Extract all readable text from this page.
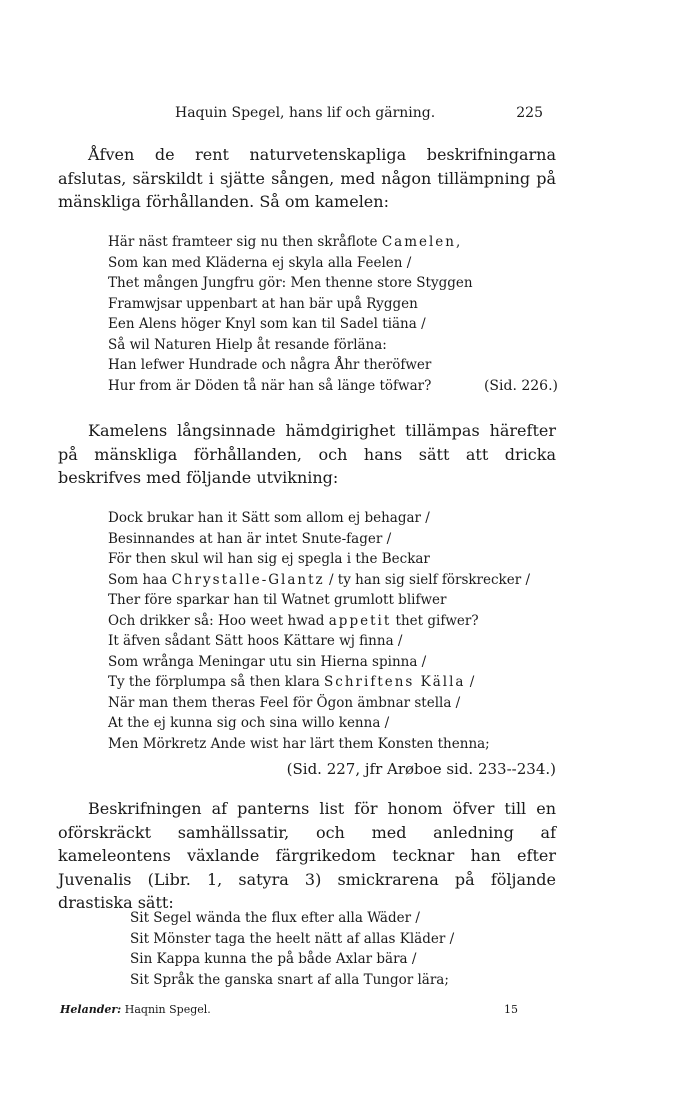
Haquin Spegel, hans lif och gärning.	225

Åfven de rent naturvetenskapliga beskrifningarna afslutas, särskildt i sjätte sången, med någon tillämpning på mänskliga förhållanden. Så om kamelen:

Här näst framteer sig nu then skråflote Camelen,
Som kan med Kläderna ej skyla alla Feelen /
Thet mången Jungfru gör: Men thenne store Styggen
Framwjsar uppenbart at han bär upå Ryggen
Een Alens höger Knyl som kan til Sadel tiäna /
Så wil Naturen Hielp åt resande förläna:
Han lefwer Hundrade och några Åhr theröfwer
Hur from är Döden tå när han så länge töfwar?	(Sid. 226.)

Kamelens långsinnade hämdgirighet tillämpas härefter på mänskliga förhållanden, och hans sätt att dricka beskrifves med följande utvikning:

Dock brukar han it Sätt som allom ej behagar /
Besinnandes at han är intet Snute-fager /
För then skul wil han sig ej spegla i the Beckar
Som haa Chrystalle-Glantz / ty han sig sielf förskrecker /
Ther före sparkar han til Watnet grumlott blifwer
Och drikker så: Hoo weet hwad appetit thet gifwer?
It äfven sådant Sätt hoos Kättare wj finna /
Som wrånga Meningar utu sin Hierna spinna /
Ty the förplumpa så then klara Schriftens Källa /
När man them theras Feel för Ögon ämbnar stella /
At the ej kunna sig och sina willo kenna /
Men Mörkretz Ande wist har lärt them Konsten thenna;
(Sid. 227, jfr Arøboe sid. 233--234.)

Beskrifningen af panterns list för honom öfver till en oförskräckt samhällssatir, och med anledning af kameleontens växlande färgrikedom tecknar han efter Juvenalis (Libr. 1, satyra 3) smickrarena på följande drastiska sätt:

Sit Segel wända the flux efter alla Wäder /
Sit Mönster taga the heelt nätt af allas Kläder /
Sin Kappa kunna the på både Axlar bära /
Sit Språk the ganska snart af alla Tungor lära;
Helander: Haqnin Spegel.	15
